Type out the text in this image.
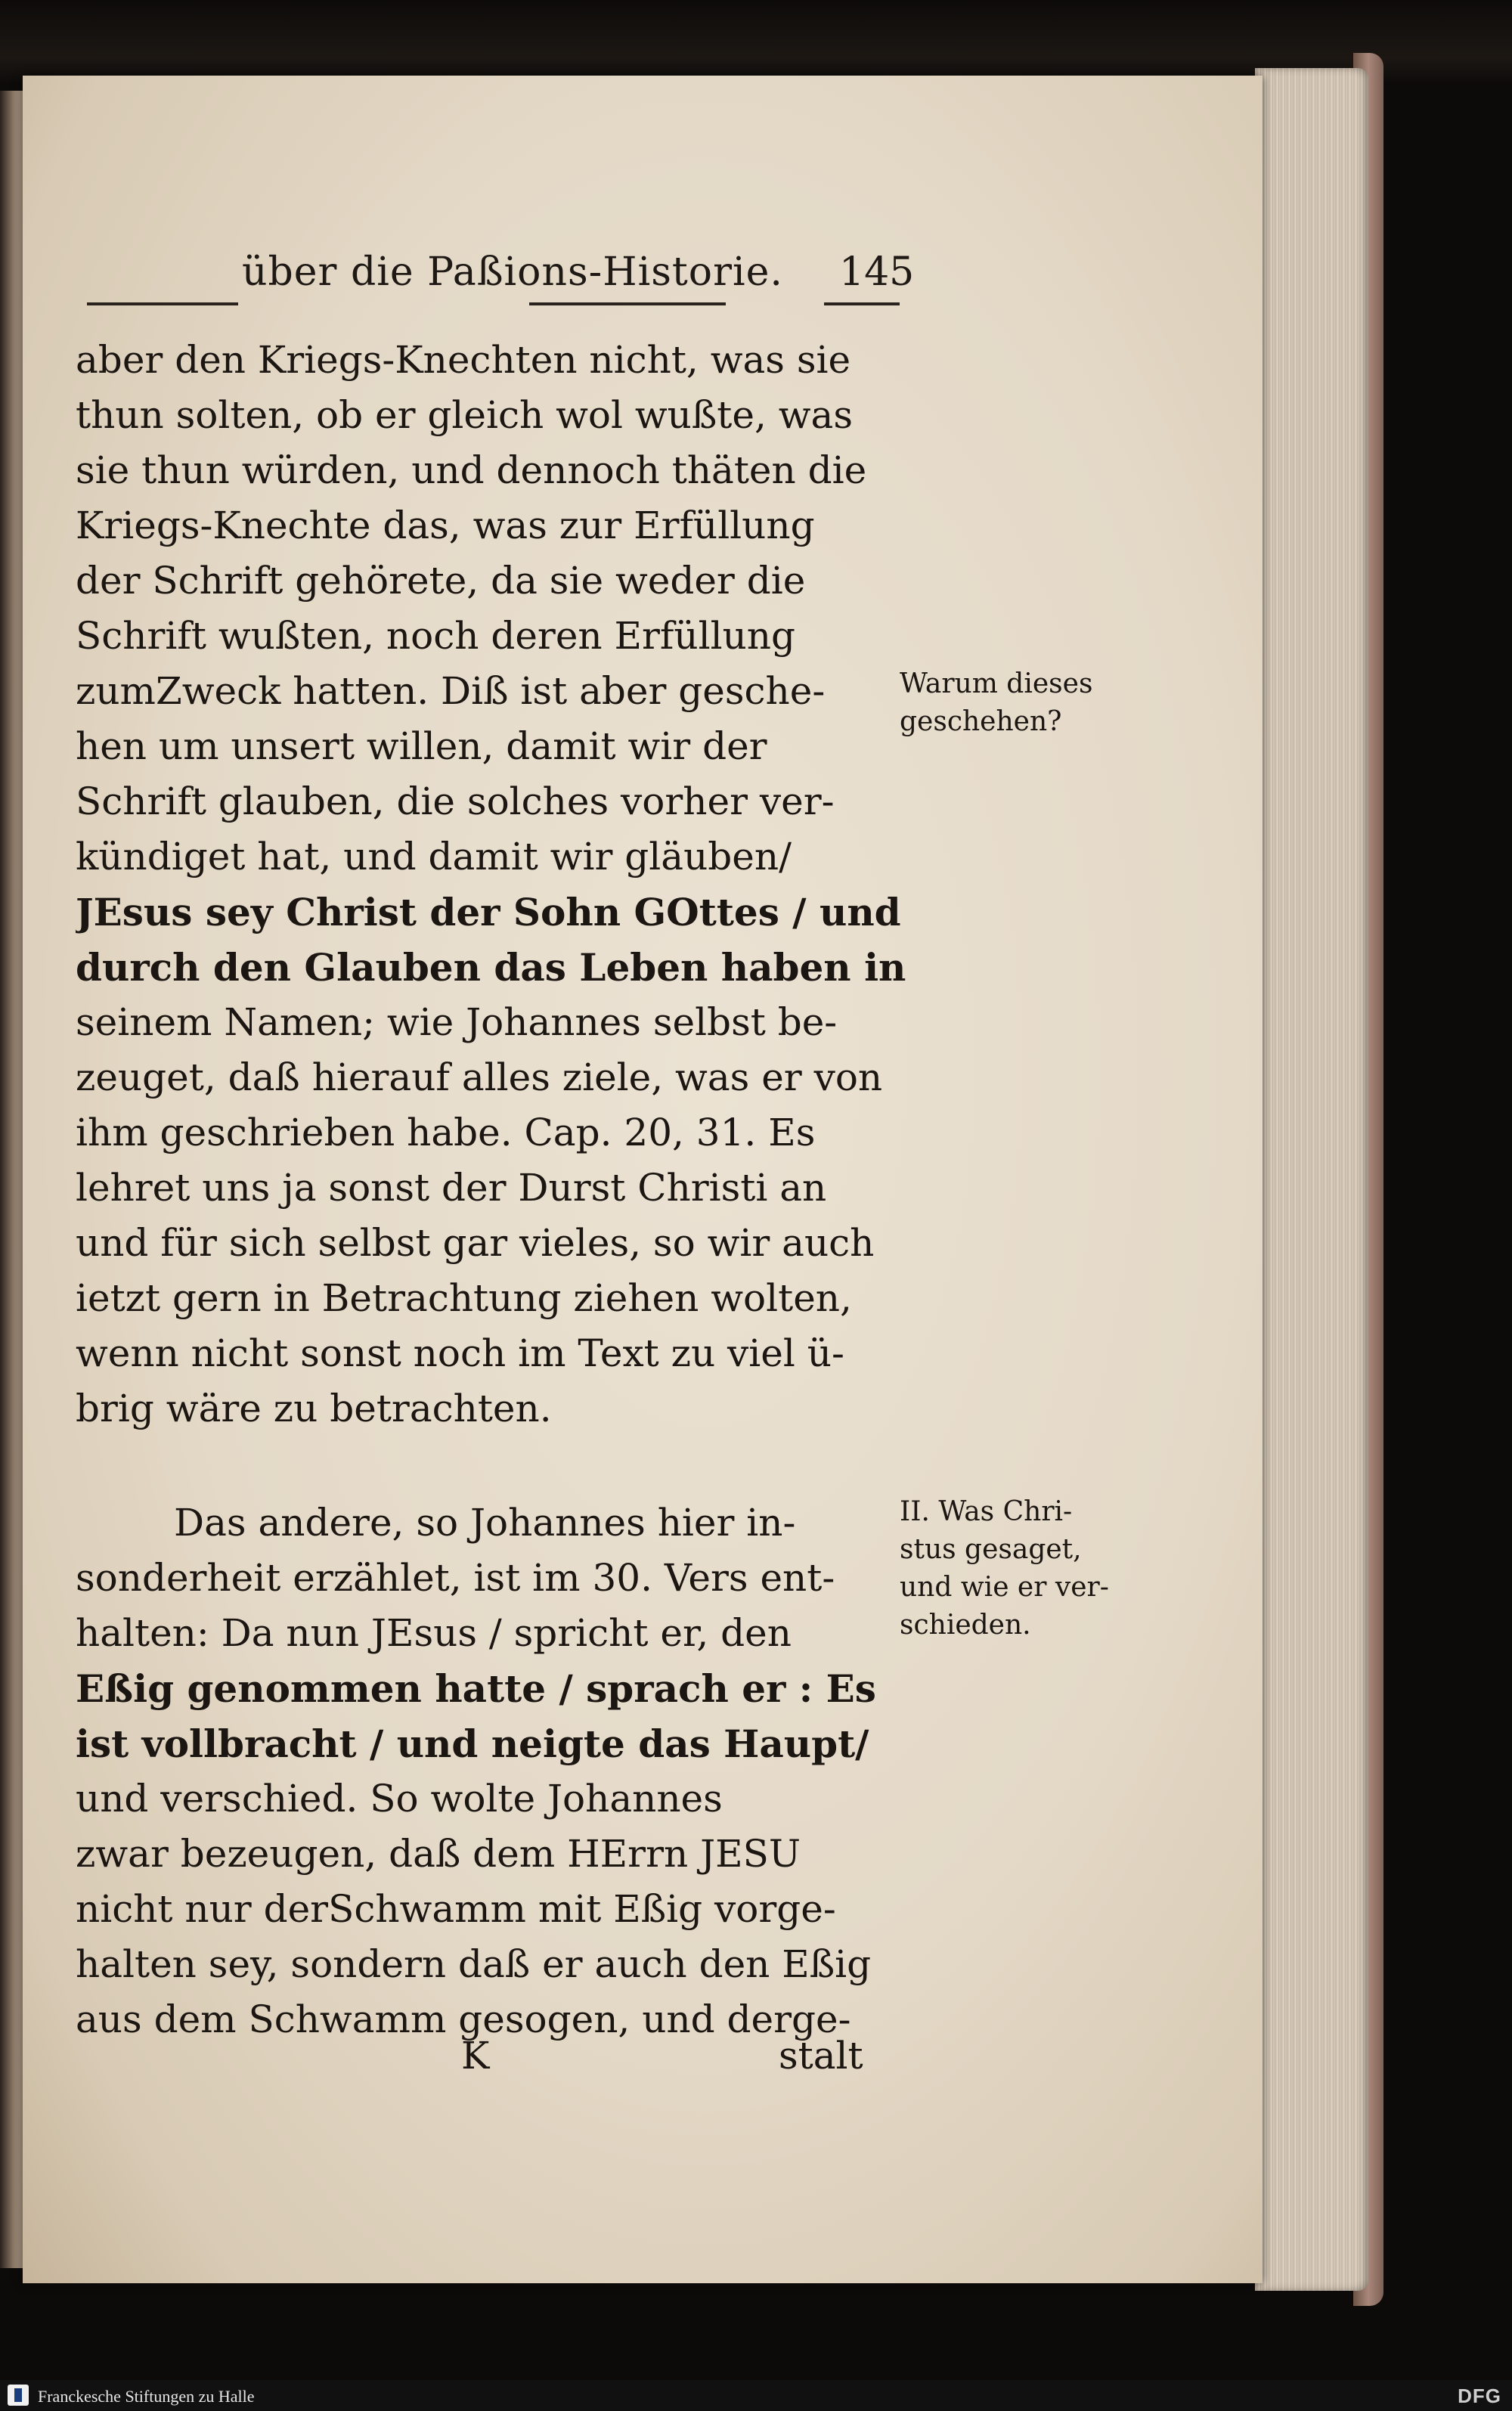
über die Paßions-Historie.	145
aber den Kriegs-Knechten nicht, was sie
thun solten, ob er gleich wol wußte, was
sie thun würden, und dennoch thäten die
Kriegs-Knechte das, was zur Erfüllung
der Schrift gehörete, da sie weder die
Schrift wußten, noch deren Erfüllung
zumZweck hatten. Diß ist aber gesche-
hen um unsert willen, damit wir der
Schrift glauben, die solches vorher ver-
kündiget hat, und damit wir gläuben/
JEsus sey Christ der Sohn GOttes / und
durch den Glauben das Leben haben in
seinem Namen; wie Johannes selbst be-
zeuget, daß hierauf alles ziele, was er von
ihm geschrieben habe. Cap. 20, 31. Es
lehret uns ja sonst der Durst Christi an
und für sich selbst gar vieles, so wir auch
ietzt gern in Betrachtung ziehen wolten,
wenn nicht sonst noch im Text zu viel ü-
brig wäre zu betrachten.
Das andere, so Johannes hier in-
sonderheit erzählet, ist im 30. Vers ent-
halten: Da nun JEsus / spricht er, den
Eßig genommen hatte / sprach er : Es
ist vollbracht / und neigte das Haupt/
und verschied. So wolte Johannes
zwar bezeugen, daß dem HErrn JESU
nicht nur derSchwamm mit Eßig vorge-
halten sey, sondern daß er auch den Eßig
aus dem Schwamm gesogen, und derge-
K	stalt
Warum dieses
geschehen?
II. Was Chri-
stus gesaget,
und wie er ver-
schieden.
Franckesche Stiftungen zu Halle	DFG
